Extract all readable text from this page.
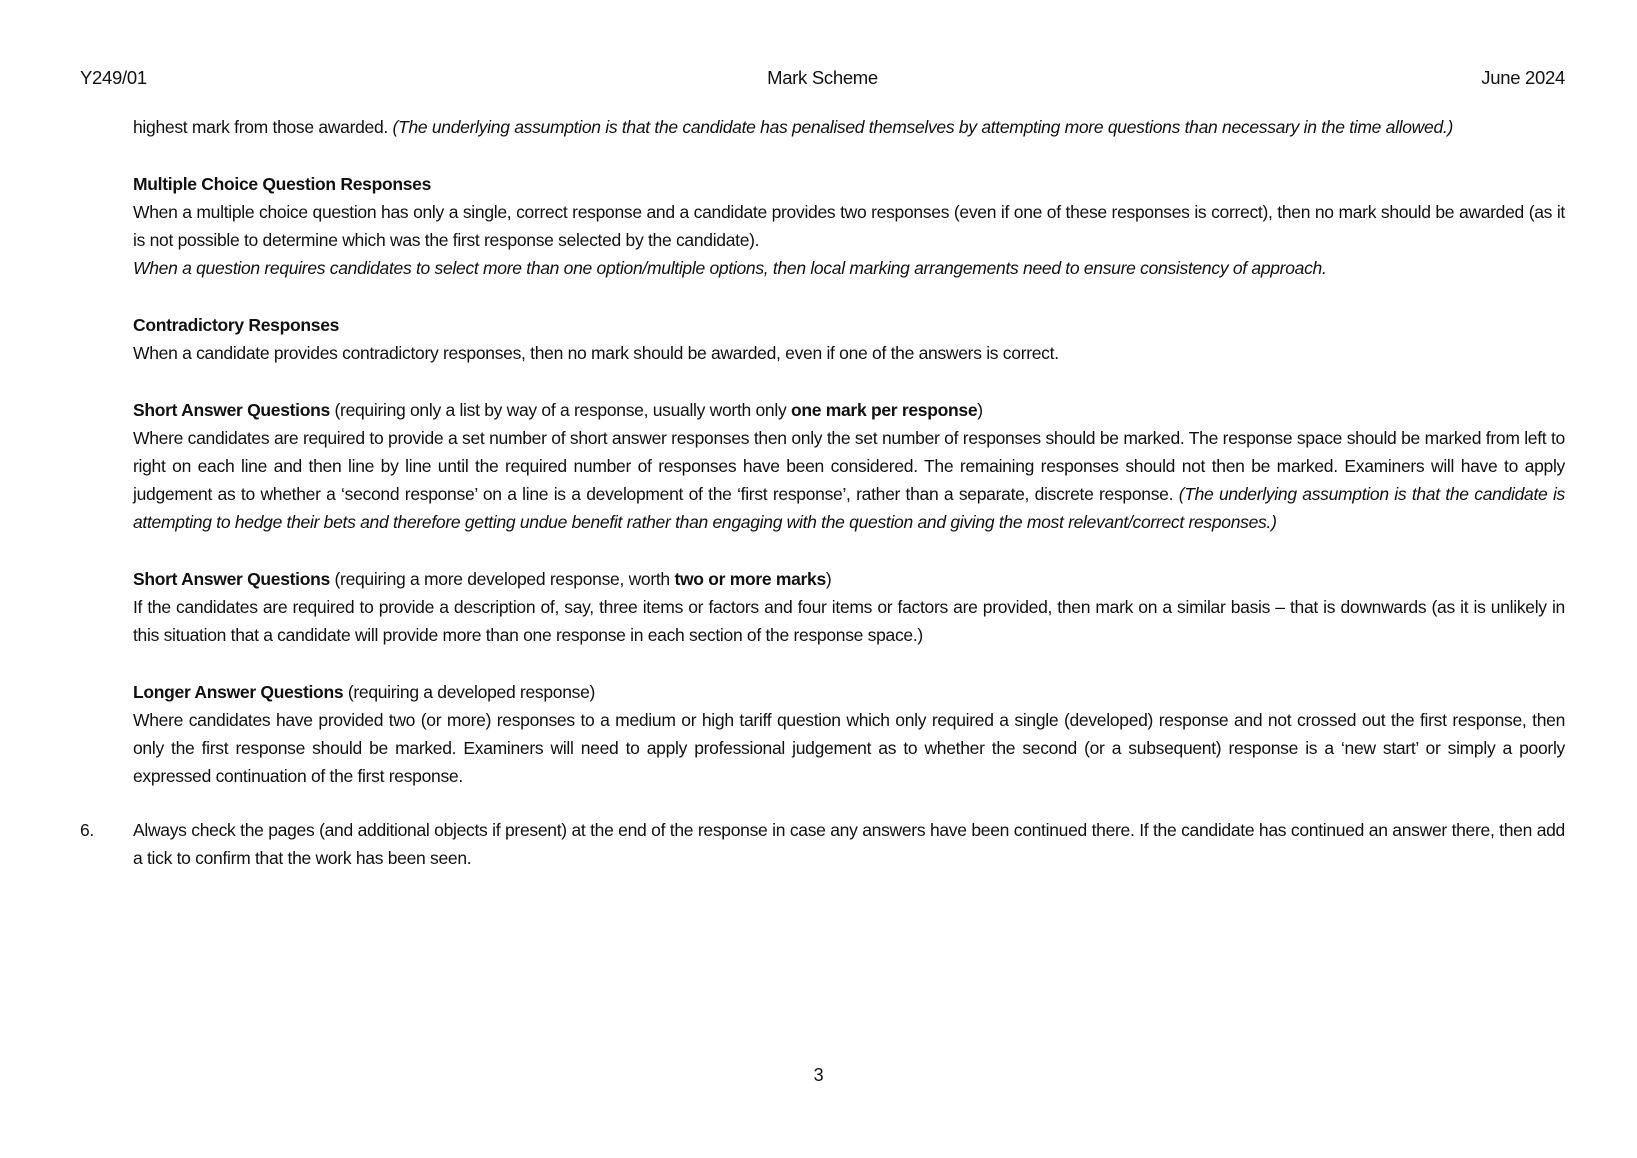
Y249/01	Mark Scheme	June 2024

highest mark from those awarded. (The underlying assumption is that the candidate has penalised themselves by attempting more questions than necessary in the time allowed.)

Multiple Choice Question Responses

When a multiple choice question has only a single, correct response and a candidate provides two responses (even if one of these responses is correct), then no mark should be awarded (as it is not possible to determine which was the first response selected by the candidate).

When a question requires candidates to select more than one option/multiple options, then local marking arrangements need to ensure consistency of approach.

Contradictory Responses

When a candidate provides contradictory responses, then no mark should be awarded, even if one of the answers is correct.

Short Answer Questions (requiring only a list by way of a response, usually worth only one mark per response)

Where candidates are required to provide a set number of short answer responses then only the set number of responses should be marked. The response space should be marked from left to right on each line and then line by line until the required number of responses have been considered. The remaining responses should not then be marked. Examiners will have to apply judgement as to whether a ‘second response’ on a line is a development of the ‘first response’, rather than a separate, discrete response. (The underlying assumption is that the candidate is attempting to hedge their bets and therefore getting undue benefit rather than engaging with the question and giving the most relevant/correct responses.)

Short Answer Questions (requiring a more developed response, worth two or more marks)

If the candidates are required to provide a description of, say, three items or factors and four items or factors are provided, then mark on a similar basis – that is downwards (as it is unlikely in this situation that a candidate will provide more than one response in each section of the response space.)

Longer Answer Questions (requiring a developed response)

Where candidates have provided two (or more) responses to a medium or high tariff question which only required a single (developed) response and not crossed out the first response, then only the first response should be marked. Examiners will need to apply professional judgement as to whether the second (or a subsequent) response is a ‘new start’ or simply a poorly expressed continuation of the first response.

6.	Always check the pages (and additional objects if present) at the end of the response in case any answers have been continued there. If the candidate has continued an answer there, then add a tick to confirm that the work has been seen.

3
